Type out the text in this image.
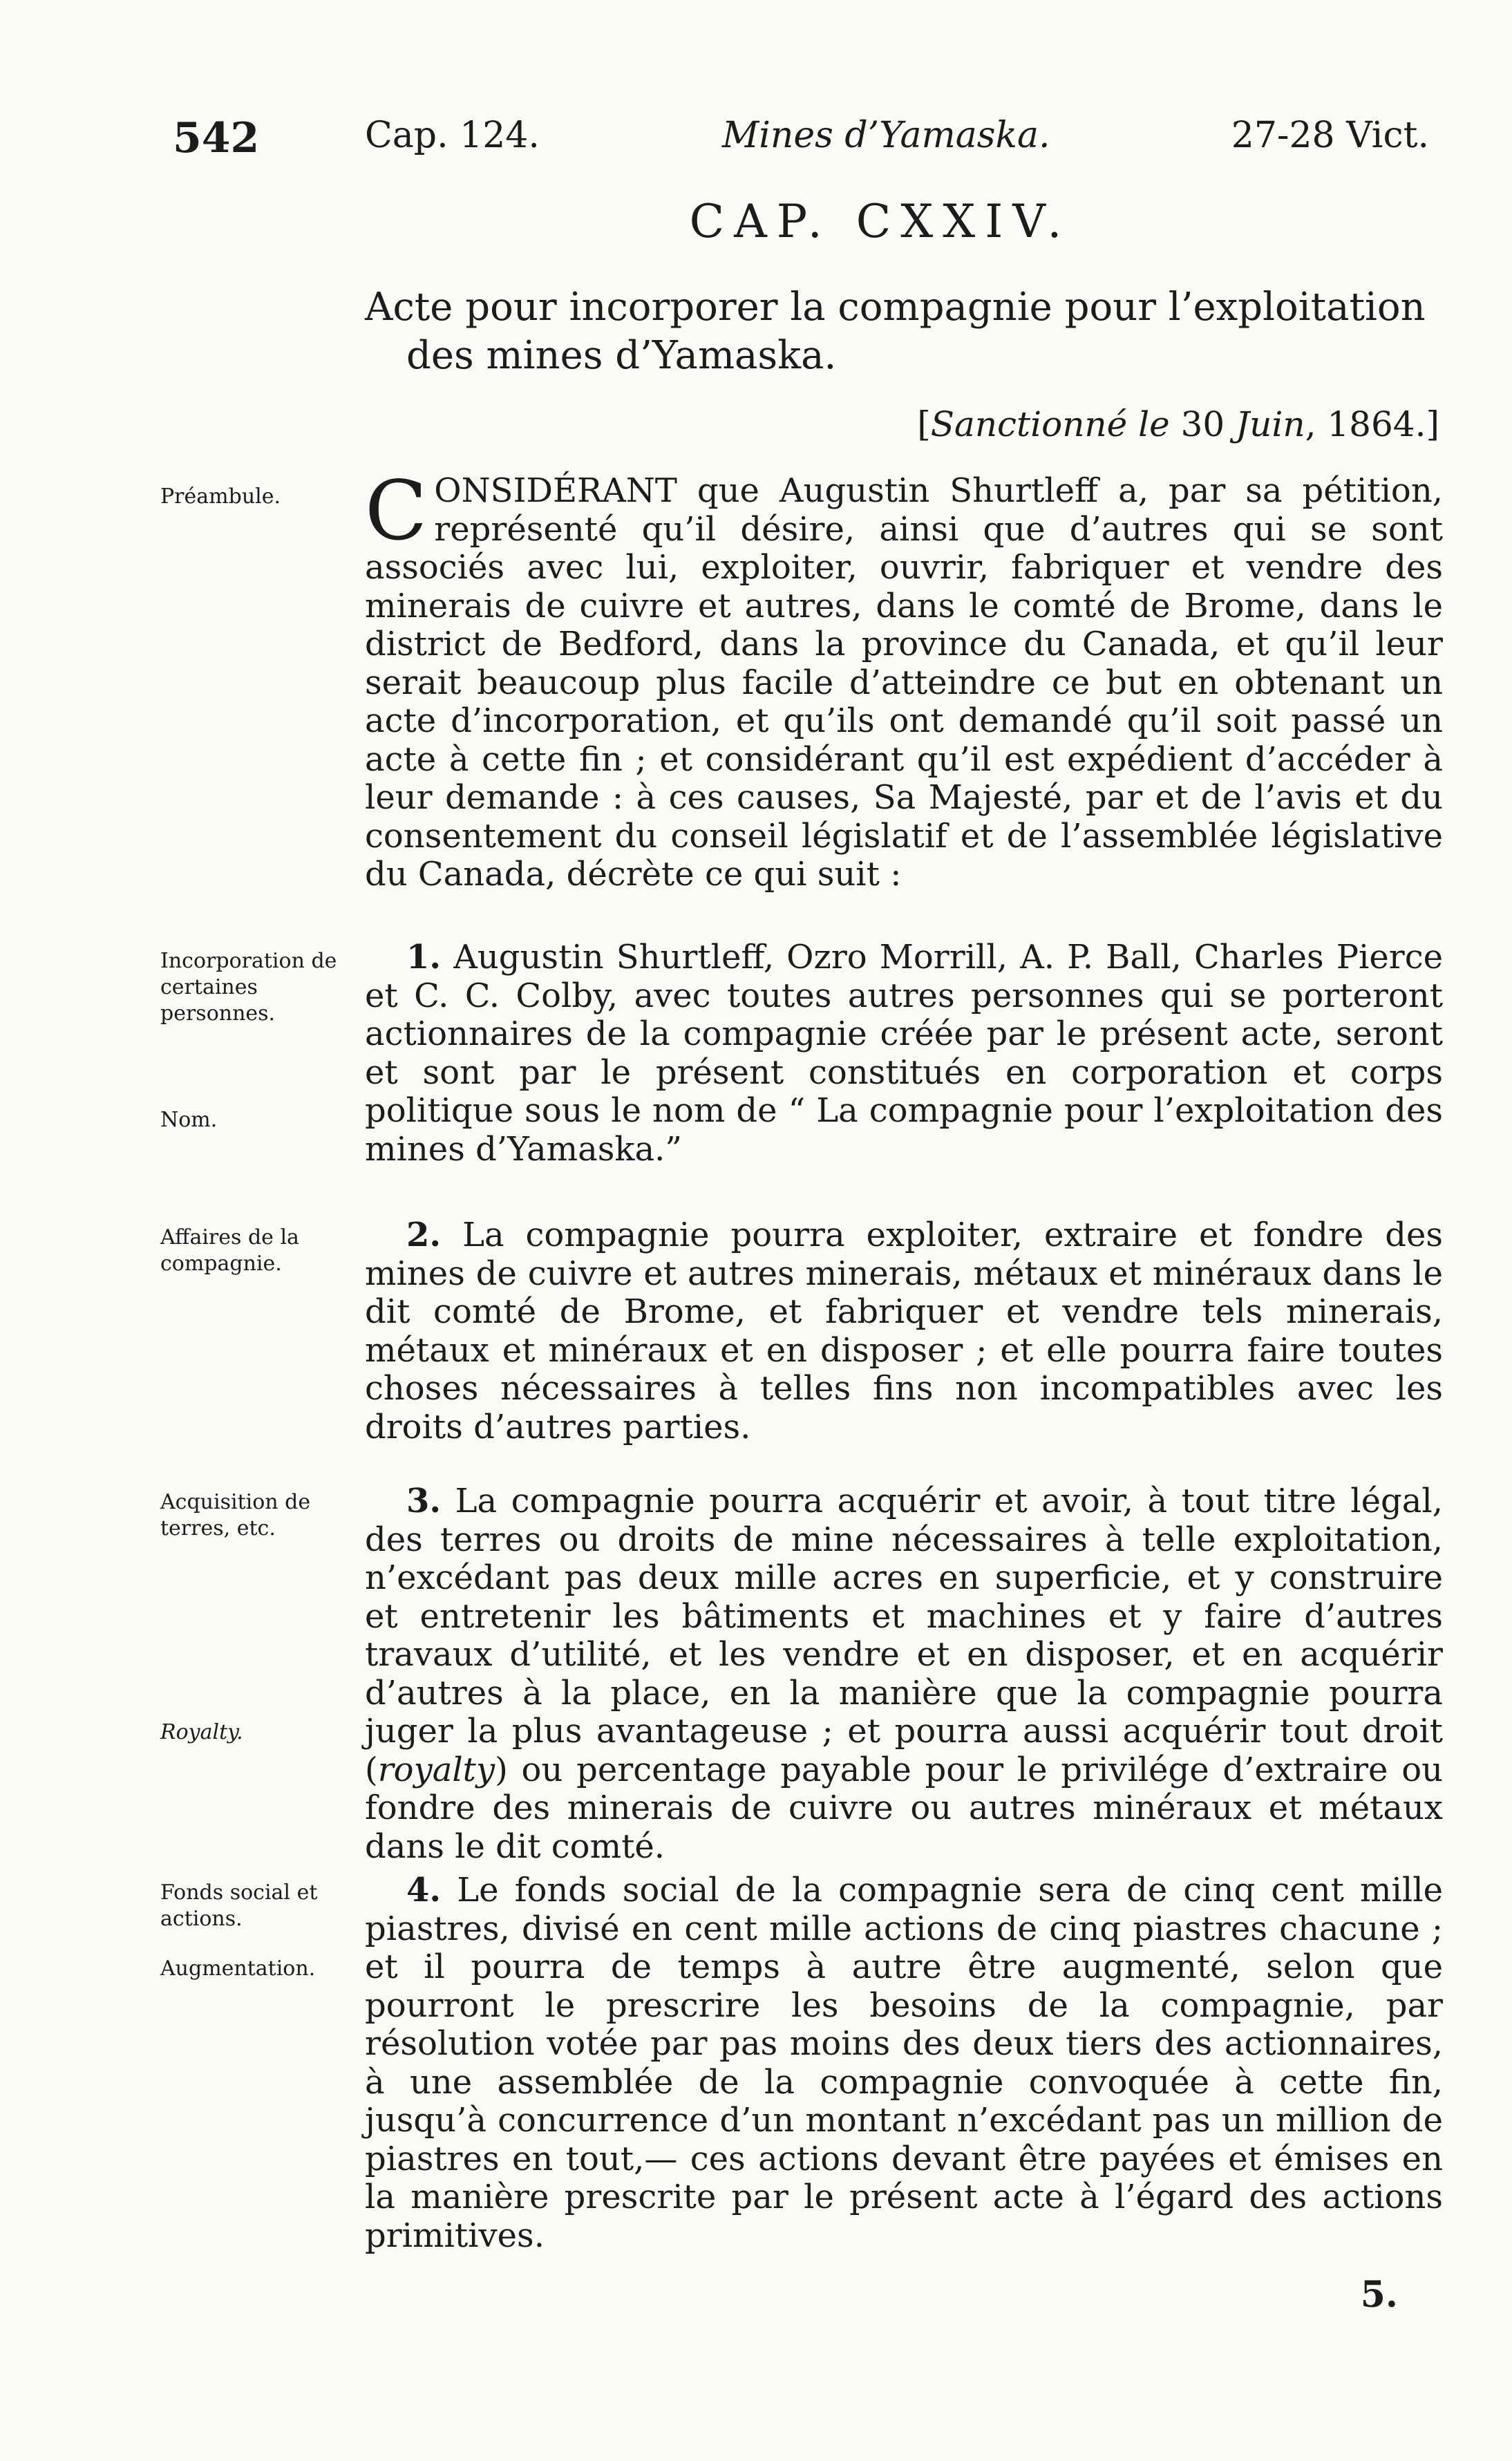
542	Cap. 124.	Mines d’Yamaska.	27-28 Vict.
CAP. CXXIV.
Acte pour incorporer la compagnie pour l’exploitation
des mines d’Yamaska.
[Sanctionné le 30 Juin, 1864.]
Préambule.
Incorporation de certaines personnes.
Nom.
Affaires de la compagnie.
Acquisition de terres, etc.
Royalty.
Fonds social et actions.
Augmentation.

CONSIDÉRANT que Augustin Shurtleff a, par sa pétition, représenté qu’il désire, ainsi que d’autres qui se sont associés avec lui, exploiter, ouvrir, fabriquer et vendre des minerais de cuivre et autres, dans le comté de Brome, dans le district de Bedford, dans la province du Canada, et qu’il leur serait beaucoup plus facile d’atteindre ce but en obtenant un acte d’incorporation, et qu’ils ont demandé qu’il soit passé un acte à cette fin ; et considérant qu’il est expédient d’accéder à leur demande : à ces causes, Sa Majesté, par et de l’avis et du consentement du conseil législatif et de l’assemblée législative du Canada, décrète ce qui suit :

1. Augustin Shurtleff, Ozro Morrill, A. P. Ball, Charles Pierce et C. C. Colby, avec toutes autres personnes qui se porteront actionnaires de la compagnie créée par le présent acte, seront et sont par le présent constitués en corporation et corps politique sous le nom de “ La compagnie pour l’exploitation des mines d’Yamaska.”

2. La compagnie pourra exploiter, extraire et fondre des mines de cuivre et autres minerais, métaux et minéraux dans le dit comté de Brome, et fabriquer et vendre tels minerais, métaux et minéraux et en disposer ; et elle pourra faire toutes choses nécessaires à telles fins non incompatibles avec les droits d’autres parties.

3. La compagnie pourra acquérir et avoir, à tout titre légal, des terres ou droits de mine nécessaires à telle exploitation, n’excédant pas deux mille acres en superficie, et y construire et entretenir les bâtiments et machines et y faire d’autres travaux d’utilité, et les vendre et en disposer, et en acquérir d’autres à la place, en la manière que la compagnie pourra juger la plus avantageuse ; et pourra aussi acquérir tout droit (royalty) ou percentage payable pour le privilége d’extraire ou fondre des minerais de cuivre ou autres minéraux et métaux dans le dit comté.

4. Le fonds social de la compagnie sera de cinq cent mille piastres, divisé en cent mille actions de cinq piastres chacune ; et il pourra de temps à autre être augmenté, selon que pourront le prescrire les besoins de la compagnie, par résolution votée par pas moins des deux tiers des actionnaires, à une assemblée de la compagnie convoquée à cette fin, jusqu’à concurrence d’un montant n’excédant pas un million de piastres en tout,— ces actions devant être payées et émises en la manière prescrite par le présent acte à l’égard des actions primitives.

5.
